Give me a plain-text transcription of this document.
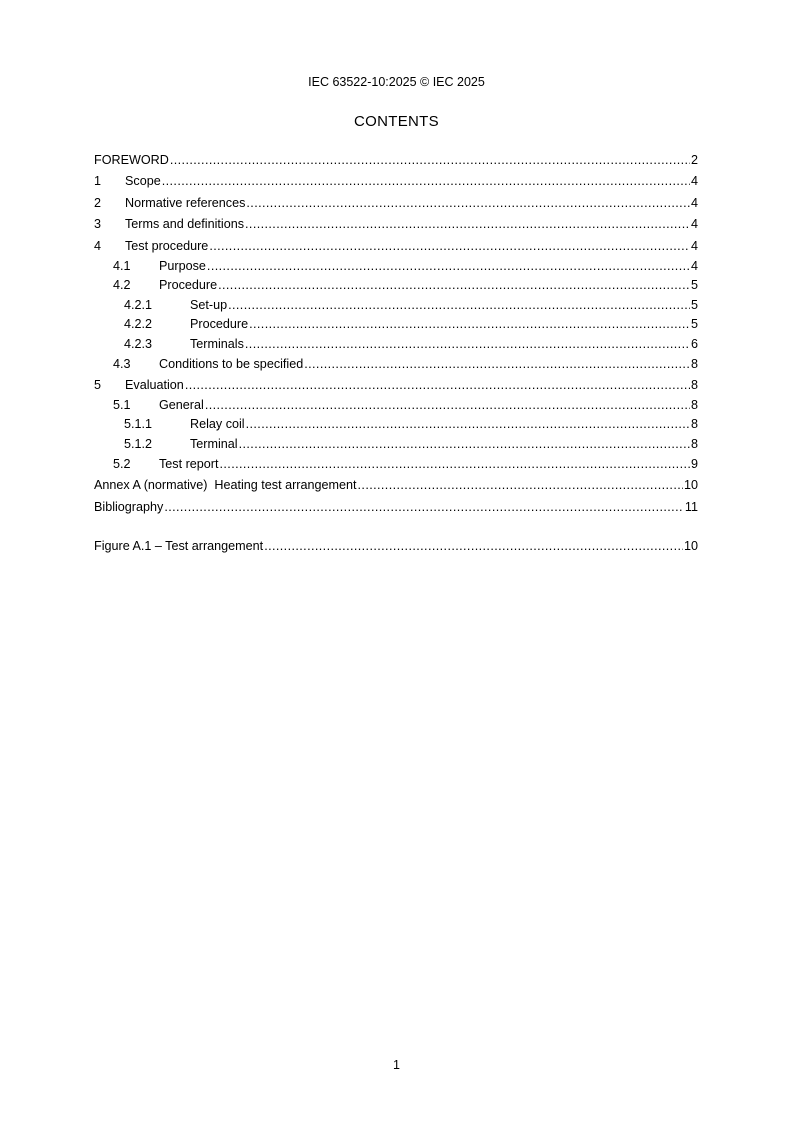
IEC 63522-10:2025 © IEC 2025
CONTENTS
FOREWORD .....	2
1	Scope .....	4
2	Normative references .....	4
3	Terms and definitions .....	4
4	Test procedure .....	4
4.1	Purpose .....	4
4.2	Procedure .....	5
4.2.1	Set-up .....	5
4.2.2	Procedure .....	5
4.2.3	Terminals .....	6
4.3	Conditions to be specified .....	8
5	Evaluation .....	8
5.1	General .....	8
5.1.1	Relay coil .....	8
5.1.2	Terminal .....	8
5.2	Test report .....	9
Annex A (normative)  Heating test arrangement .....	10
Bibliography .....	11
Figure A.1 – Test arrangement .....	10
1
